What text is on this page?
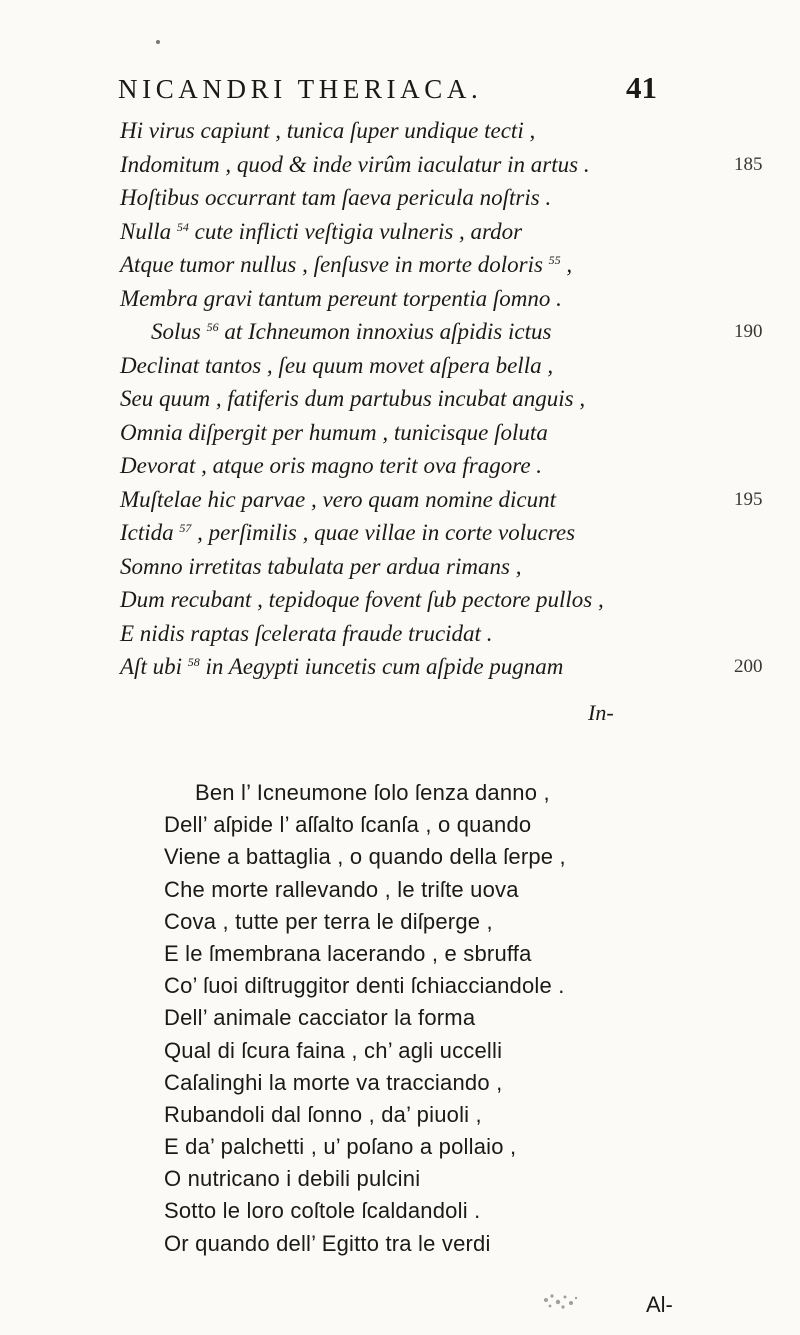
NICANDRI THERIACA.	41
Hi virus capiunt , tunica ſuper undique tecti ,
Indomitum , quod & inde virûm iaculatur in artus .
Hoſtibus occurrant tam ſaeva pericula noſtris .
Nulla $^{54}$ cute inflicti veſtigia vulneris , ardor
Atque tumor nullus , ſenſusve in morte doloris $^{55}$ ,
Membra gravi tantum pereunt torpentia ſomno .
Solus $^{56}$ at Ichneumon innoxius aſpidis ictus
Declinat tantos , ſeu quum movet aſpera bella ,
Seu quum , fatiferis dum partubus incubat anguis ,
Omnia diſpergit per humum , tunicisque ſoluta
Devorat , atque oris magno terit ova fragore .
Muſtelae hic parvae , vero quam nomine dicunt
Ictida $^{57}$ , perſimilis , quae villae in corte volucres
Somno irretitas tabulata per ardua rimans ,
Dum recubant , tepidoque fovent ſub pectore pullos ,
E nidis raptas ſcelerata fraude trucidat .
Aſt ubi $^{58}$ in Aegypti iuncetis cum aſpide pugnam
185
190
195
200
In-
Ben l’ Icneumone ſolo ſenza danno ,
Dell’ aſpide l’ aſſalto ſcanſa , o quando
Viene a battaglia , o quando della ſerpe ,
Che morte rallevando , le triſte uova
Cova , tutte per terra le diſperge ,
E le ſmembrana lacerando , e sbruffa
Co’ ſuoi diſtruggitor denti ſchiacciandole .
Dell’ animale cacciator la forma
Qual di ſcura faina , ch’ agli uccelli
Caſalinghi la morte va tracciando ,
Rubandoli dal ſonno , da’ piuoli ,
E da’ palchetti , u’ poſano a pollaio ,
O nutricano i debili pulcini
Sotto le loro coſtole ſcaldandoli .
Or quando dell’ Egitto tra le verdi
Al-
